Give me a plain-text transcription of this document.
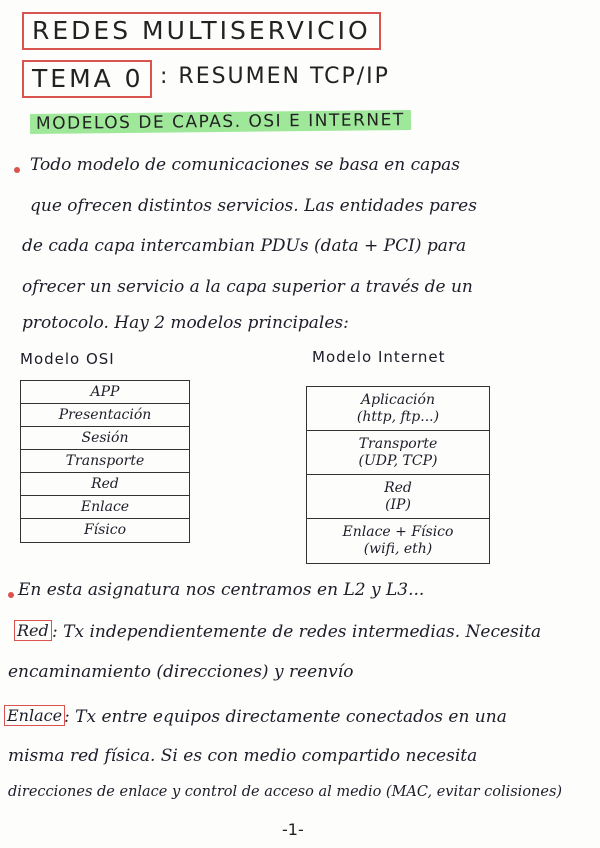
REDES MULTISERVICIO
TEMA 0 : RESUMEN TCP/IP
MODELOS DE CAPAS. OSI E INTERNET
Todo modelo de comunicaciones se basa en capas
que ofrecen distintos servicios. Las entidades pares
de cada capa intercambian PDUs (data + PCI) para
ofrecer un servicio a la capa superior a través de un
protocolo. Hay 2 modelos principales:
Modelo OSI	Modelo Internet
APP
Presentación
Sesión
Transporte
Red
Enlace
Físico
Aplicación
(http, ftp...)
Transporte
(UDP, TCP)
Red
(IP)
Enlace + Físico
(wifi, eth)
En esta asignatura nos centramos en L2 y L3...
Red : Tx independientemente de redes intermedias. Necesita
encaminamiento (direcciones) y reenvío
Enlace : Tx entre equipos directamente conectados en una
misma red física. Si es con medio compartido necesita
direcciones de enlace y control de acceso al medio (MAC, evitar colisiones)
-1-
